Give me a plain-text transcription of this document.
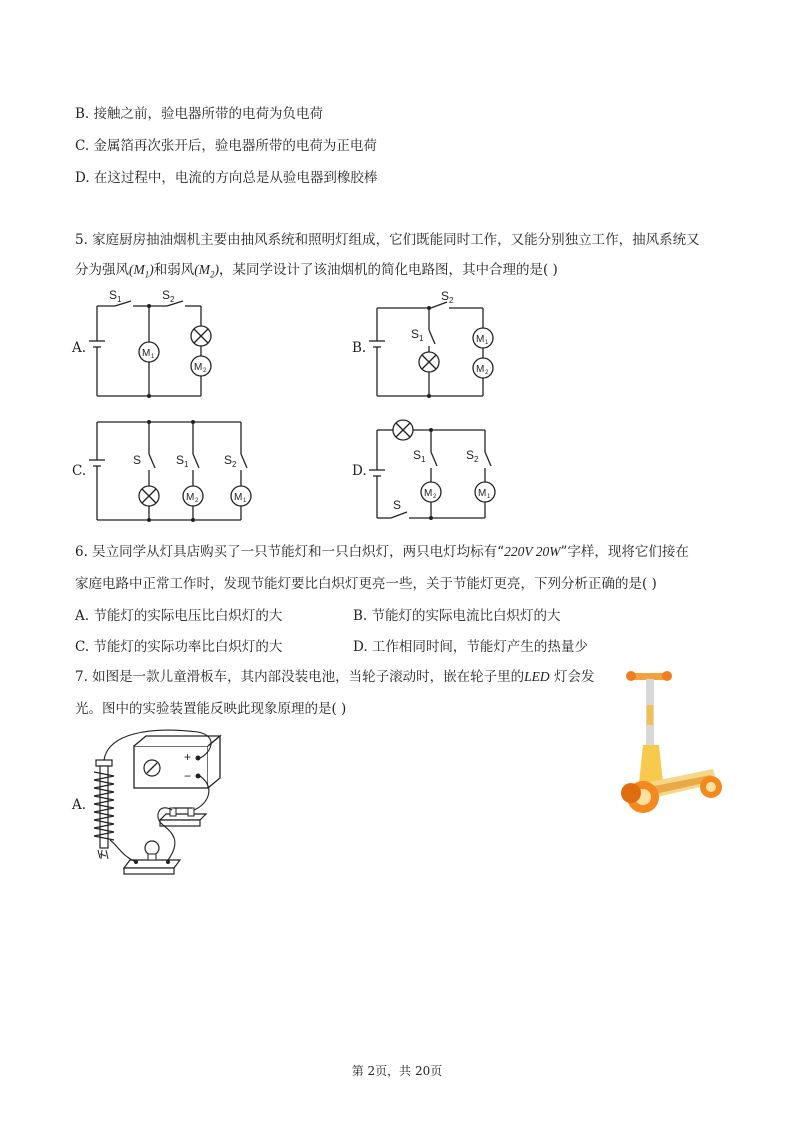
B. 接触之前，验电器所带的电荷为负电荷
C. 金属箔再次张开后，验电器所带的电荷为正电荷
D. 在这过程中，电流的方向总是从验电器到橡胶棒
5. 家庭厨房抽油烟机主要由抽风系统和照明灯组成，它们既能同时工作，又能分别独立工作，抽风系统又
分为强风$(M_1)$和弱风$(M_2)$，某同学设计了该油烟机的简化电路图，其中合理的是( )
A.
S 1	S 2
M 1
M 2
B.
S 2
S 1	M 1
M 2
C.
S	S 1
M 2
S 2
M 1
D.
S
S 1
M 2
S 2
M 1
6. 吴立同学从灯具店购买了一只节能灯和一只白炽灯，两只电灯均标有“220V 20W”字样，现将它们接在
家庭电路中正常工作时，发现节能灯要比白炽灯更亮一些，关于节能灯更亮，下列分析正确的是( )
A. 节能灯的实际电压比白炽灯的大	B. 节能灯的实际电流比白炽灯的大
C. 节能灯的实际功率比白炽灯的大	D. 工作相同时间，节能灯产生的热量少
7. 如图是一款儿童滑板车，其内部没装电池，当轮子滚动时，嵌在轮子里的LED 灯会发
光。图中的实验装置能反映此现象原理的是( )
A.
+
−
第 2页，共 20页
